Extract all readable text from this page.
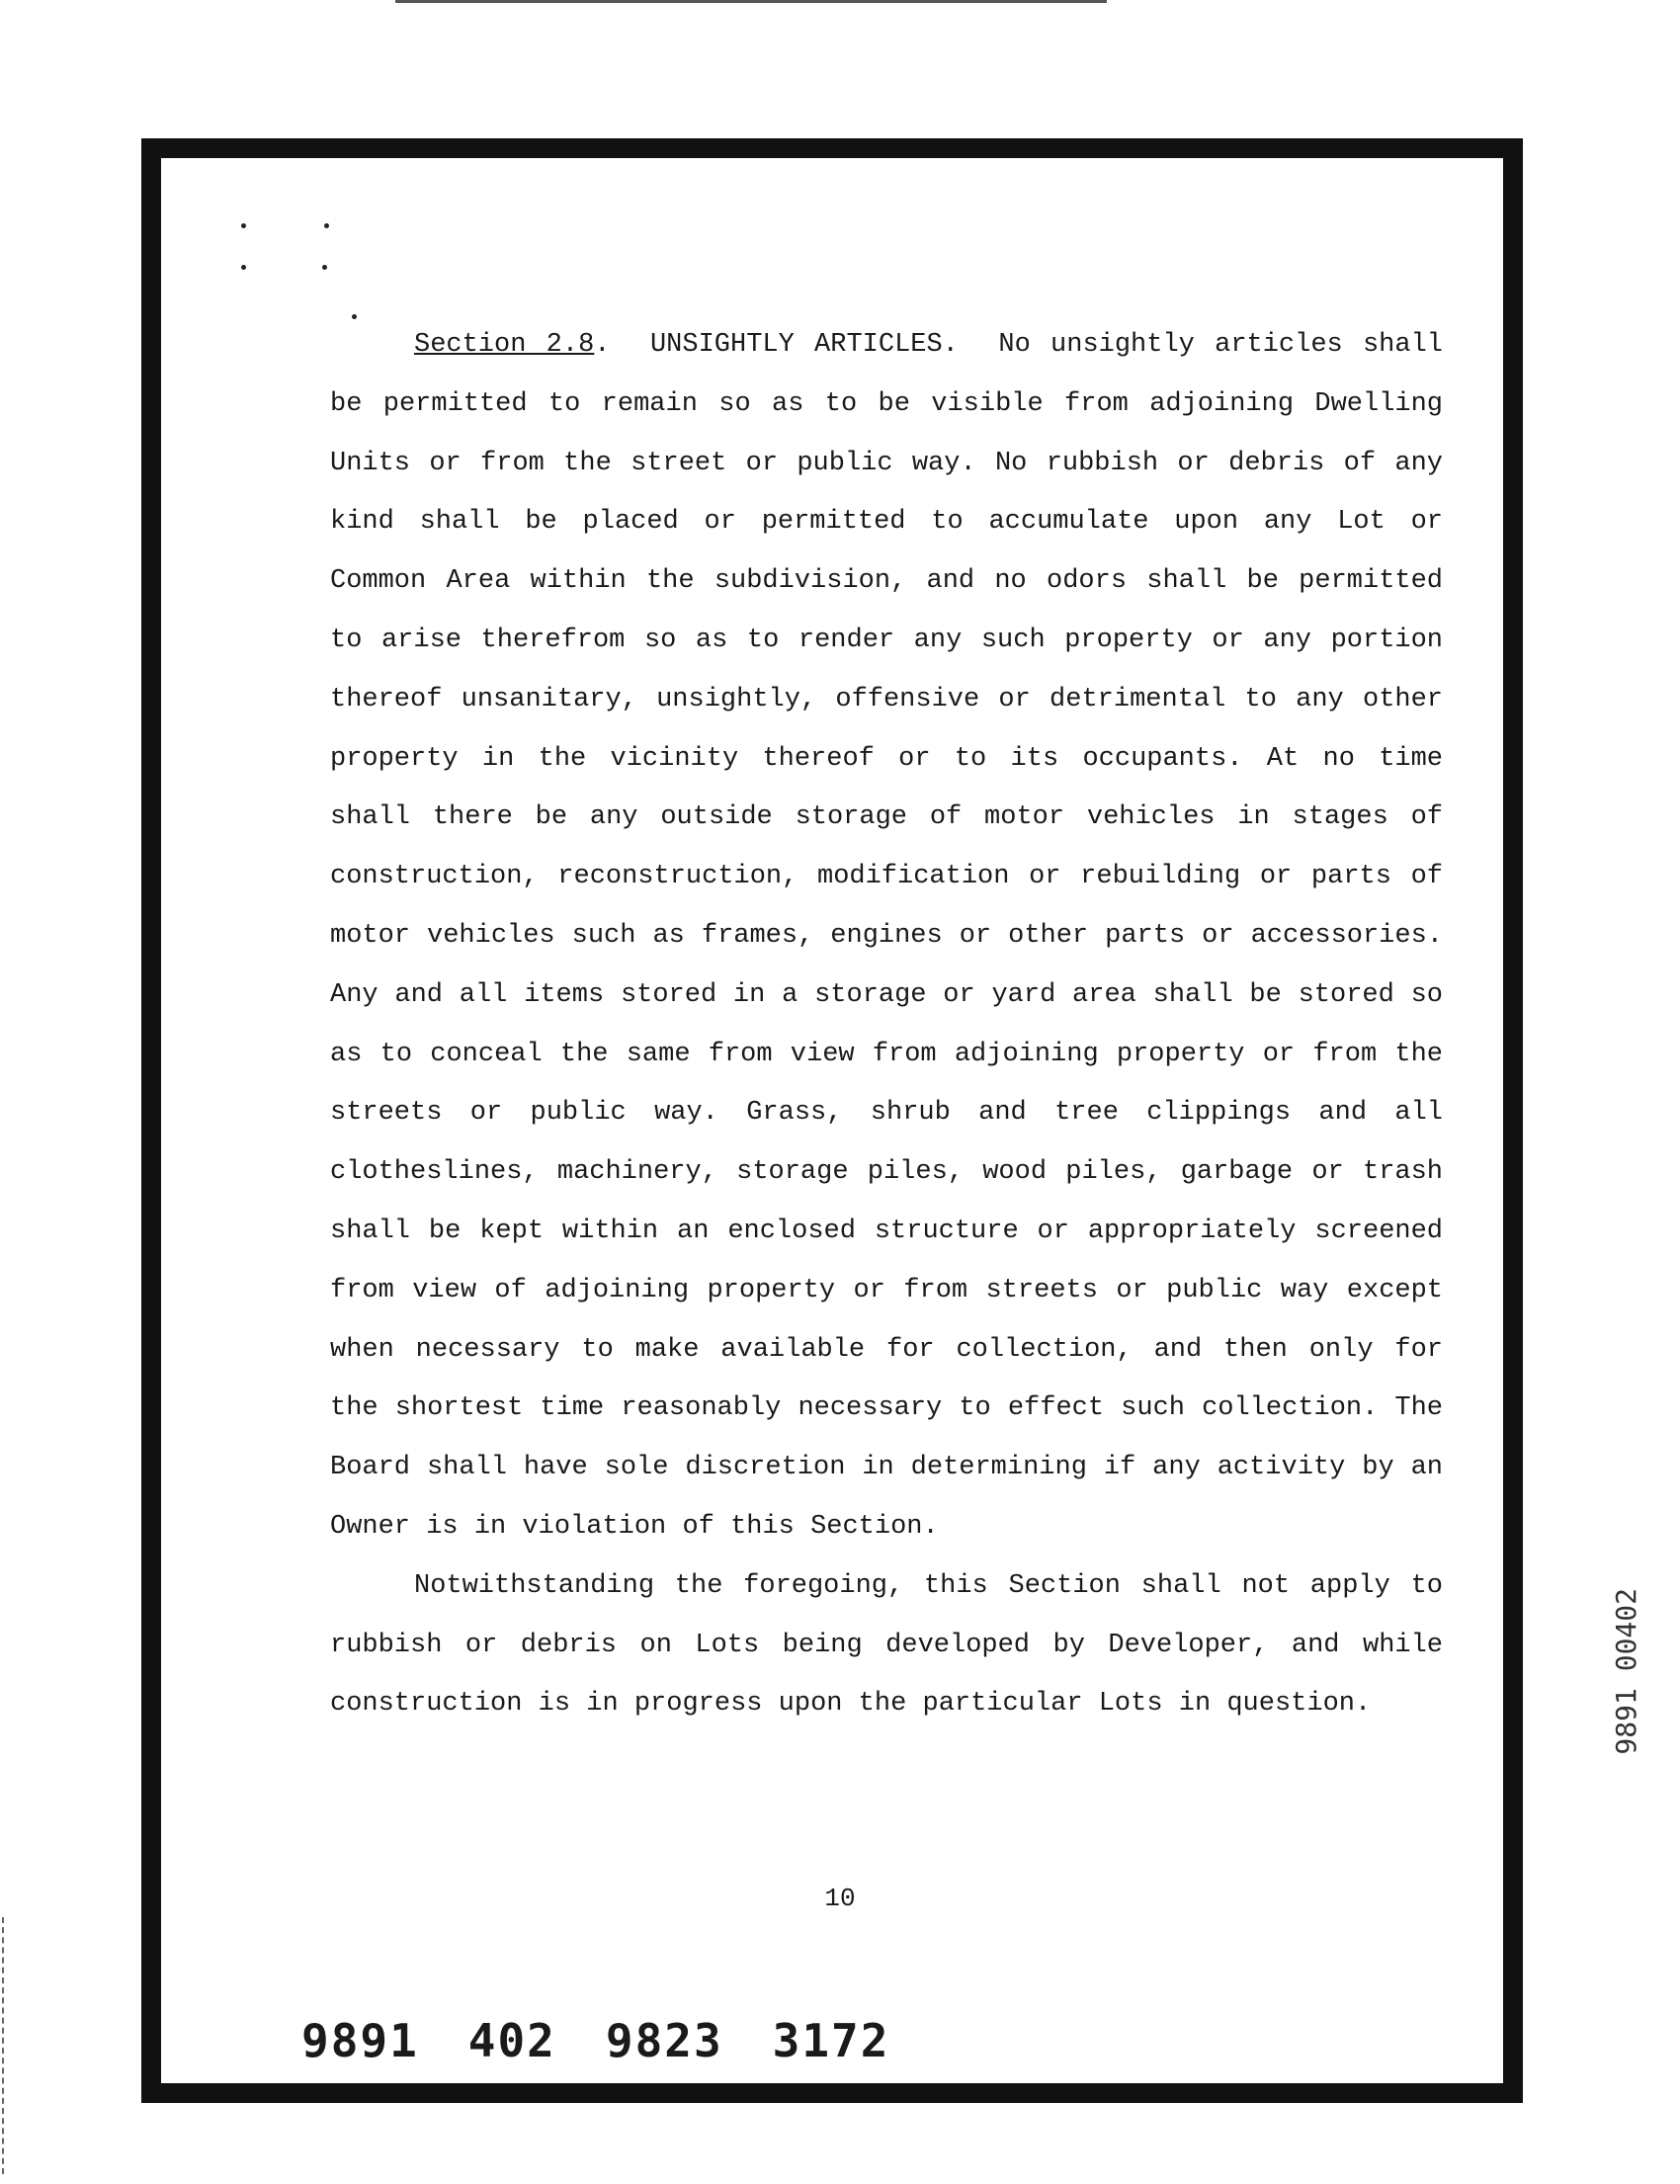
Section 2.8.  UNSIGHTLY ARTICLES. No unsightly articles shall be permitted to remain so as to be visible from adjoining Dwelling Units or from the street or public way. No rubbish or debris of any kind shall be placed or permitted to accumulate upon any Lot or Common Area within the subdivision, and no odors shall be permitted to arise therefrom so as to render any such property or any portion thereof unsanitary, unsightly, offensive or detrimental to any other property in the vicinity thereof or to its occupants. At no time shall there be any outside storage of motor vehicles in stages of construction, reconstruction, modification or rebuilding or parts of motor vehicles such as frames, engines or other parts or accessories. Any and all items stored in a storage or yard area shall be stored so as to conceal the same from view from adjoining property or from the streets or public way. Grass, shrub and tree clippings and all clotheslines, machinery, storage piles, wood piles, garbage or trash shall be kept within an enclosed structure or appropriately screened from view of adjoining property or from streets or public way except when necessary to make available for collection, and then only for the shortest time reasonably necessary to effect such collection. The Board shall have sole discretion in determining if any activity by an Owner is in violation of this Section.

Notwithstanding the foregoing, this Section shall not apply to rubbish or debris on Lots being developed by Developer, and while construction is in progress upon the particular Lots in question.

10
9891 402 9823 3172
9891 00402
